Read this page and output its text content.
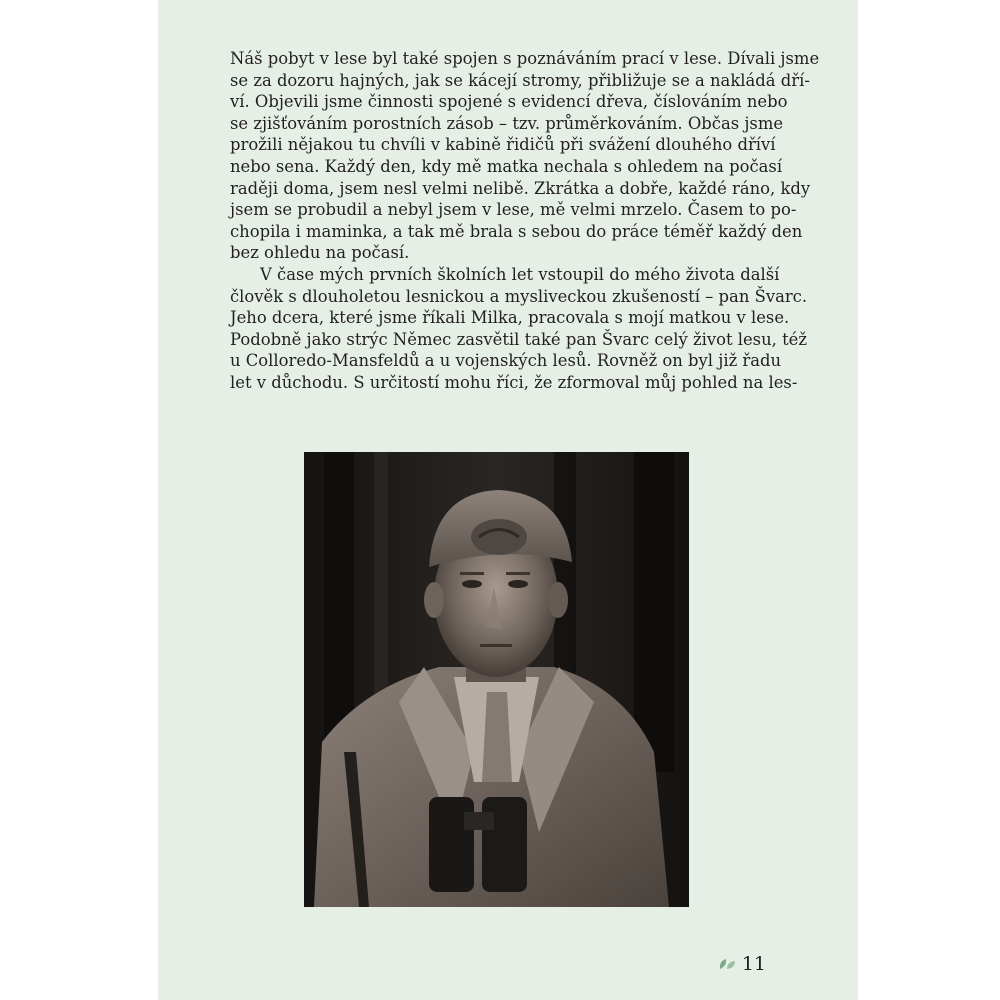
Náš pobyt v lese byl také spojen s poznáváním prací v lese. Dívali jsme
se za dozoru hajných, jak se kácejí stromy, přibližuje se a nakládá dří-
ví. Objevili jsme činnosti spojené s evidencí dřeva, číslováním nebo
se zjišťováním porostních zásob – tzv. průměrkováním. Občas jsme
prožili nějakou tu chvíli v kabině řidičů při svážení dlouhého dříví
nebo sena. Každý den, kdy mě matka nechala s ohledem na počasí
raději doma, jsem nesl velmi nelibě. Zkrátka a dobře, každé ráno, kdy
jsem se probudil a nebyl jsem v lese, mě velmi mrzelo. Časem to po-
chopila i maminka, a tak mě brala s sebou do práce téměř každý den
bez ohledu na počasí.

V čase mých prvních školních let vstoupil do mého života další
člověk s dlouholetou lesnickou a mysliveckou zkušeností – pan Švarc.
Jeho dcera, které jsme říkali Milka, pracovala s mojí matkou v lese.
Podobně jako strýc Němec zasvětil také pan Švarc celý život lesu, též
u Colloredo-Mansfeldů a u vojenských lesů. Rovněž on byl již řadu
let v důchodu. S určitostí mohu říci, že zformoval můj pohled na les-

11
